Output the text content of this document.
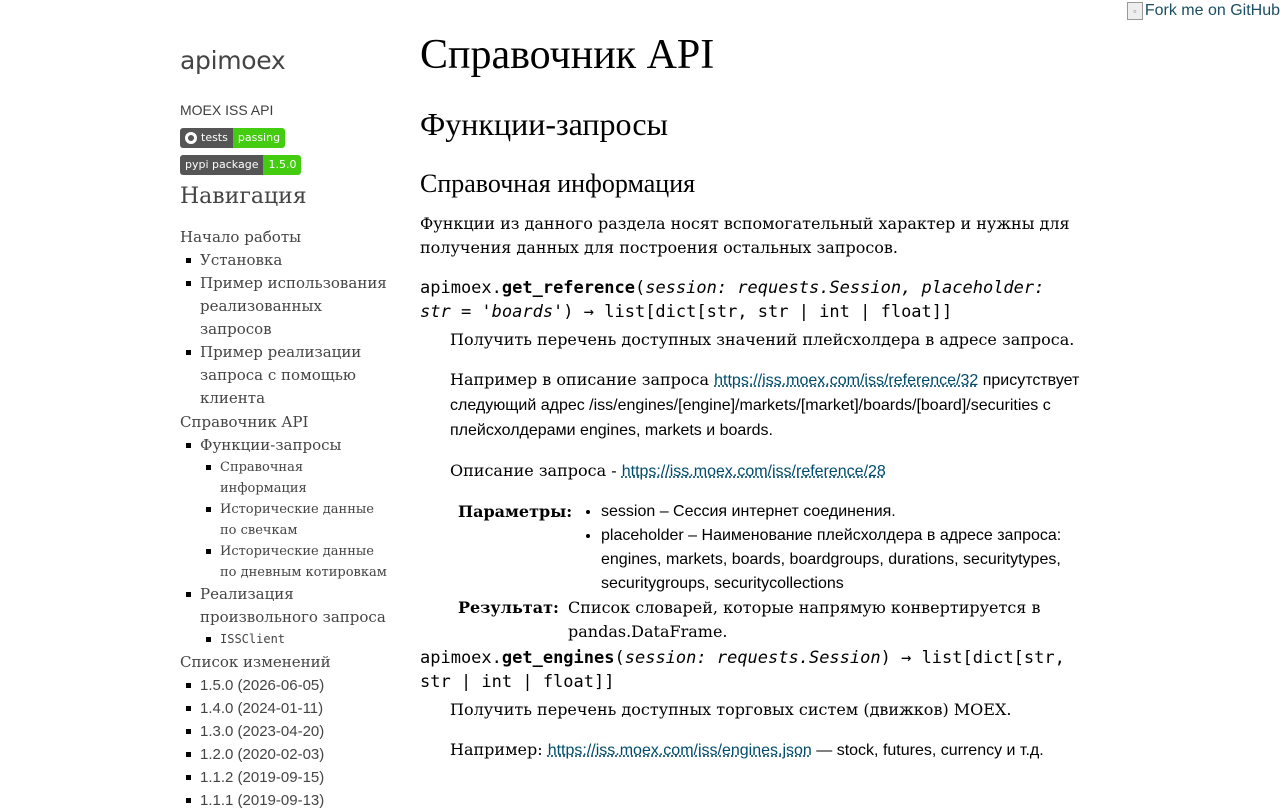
▫ Fork me on GitHub
apimoex
MOEX ISS API
tests passing

pypi package 1.5.0
Навигация

Начало работы

Установка
Пример использования реализованных запросов
Пример реализации запроса с помощью клиента

Справочник API

Функции-запросы
Справочная информация
Исторические данные по свечкам
Исторические данные по дневным котировкам
Реализация произвольного запроса
ISSClient

Список изменений

1.5.0 (2026-06-05)
1.4.0 (2024-01-11)
1.3.0 (2023-04-20)
1.2.0 (2020-02-03)
1.1.2 (2019-09-15)
1.1.1 (2019-09-13)
Справочник API
Функции-запросы
Справочная информация

Функции из данного раздела носят вспомогательный характер и нужны для получения данных для построения остальных запросов.

apimoex.get_reference(session: requests.Session, placeholder: str = 'boards') → list[dict[str, str | int | float]]

Получить перечень доступных значений плейсхолдера в адресе запроса.

Например в описание запроса https://iss.moex.com/iss/reference/32 присутствует следующий адрес /iss/engines/[engine]/markets/[market]/boards/[board]/securities с плейсхолдерами engines, markets и boards.

Описание запроса - https://iss.moex.com/iss/reference/28

Параметры:
•	session – Сессия интернет соединения.
• placeholder – Наименование плейсхолдера в адресе запроса: engines, markets, boards, boardgroups, durations, securitytypes, securitygroups, securitycollections
Результат: Список словарей, которые напрямую конвертируется в pandas.DataFrame.
apimoex.get_engines(session: requests.Session) → list[dict[str, str | int | float]]

Получить перечень доступных торговых систем (движков) MOEX.

Например: https://iss.moex.com/iss/engines.json — stock, futures, currency и т.д.
